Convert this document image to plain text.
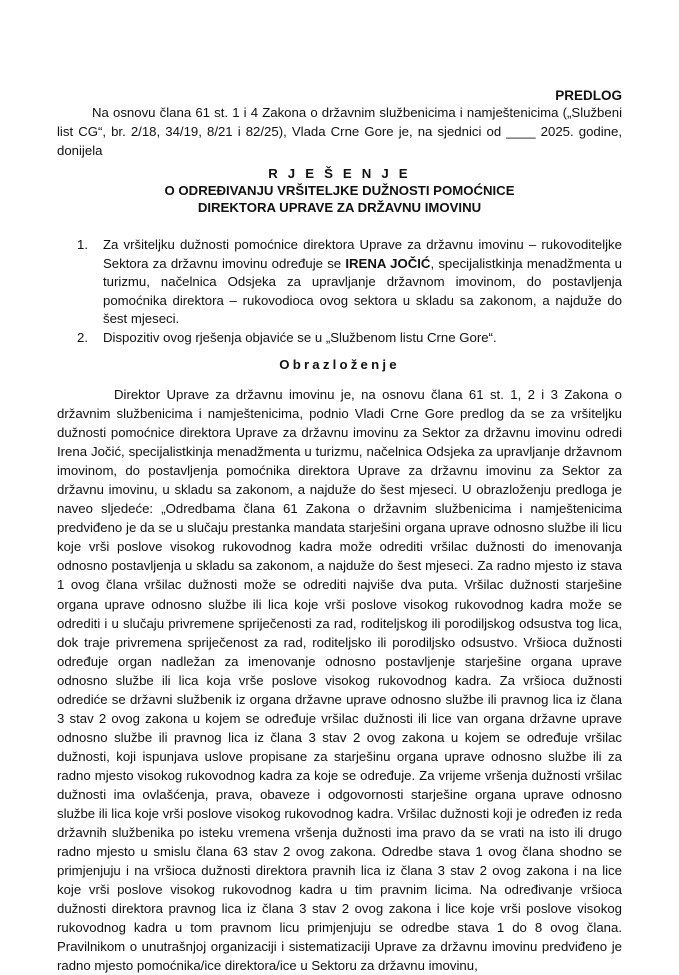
PREDLOG

Na osnovu člana 61 st. 1 i 4 Zakona o državnim službenicima i namještenicima („Službeni list CG“, br. 2/18, 34/19, 8/21 i 82/25), Vlada Crne Gore je, na sjednici od ____ 2025. godine, donijela

R J E Š E N J E
O ODREĐIVANJU VRŠITELJKE DUŽNOSTI POMOĆNICE
DIREKTORA UPRAVE ZA DRŽAVNU IMOVINU
1. Za vršiteljku dužnosti pomoćnice direktora Uprave za državnu imovinu – rukovoditeljke Sektora za državnu imovinu određuje se IRENA JOČIĆ, specijalistkinja menadžmenta u turizmu, načelnica Odsjeka za upravljanje državnom imovinom, do postavljenja pomoćnika direktora – rukovodioca ovog sektora u skladu sa zakonom, a najduže do šest mjeseci.
2. Dispozitiv ovog rješenja objaviće se u „Službenom listu Crne Gore“.
Obrazloženje

Direktor Uprave za državnu imovinu je, na osnovu člana 61 st. 1, 2 i 3 Zakona o državnim službenicima i namještenicima, podnio Vladi Crne Gore predlog da se za vršiteljku dužnosti pomoćnice direktora Uprave za državnu imovinu za Sektor za državnu imovinu odredi Irena Jočić, specijalistkinja menadžmenta u turizmu, načelnica Odsjeka za upravljanje državnom imovinom, do postavljenja pomoćnika direktora Uprave za državnu imovinu za Sektor za državnu imovinu, u skladu sa zakonom, a najduže do šest mjeseci. U obrazloženju predloga je naveo sljedeće: „Odredbama člana 61 Zakona o državnim službenicima i namještenicima predviđeno je da se u slučaju prestanka mandata starješini organa uprave odnosno službe ili licu koje vrši poslove visokog rukovodnog kadra može odrediti vršilac dužnosti do imenovanja odnosno postavljenja u skladu sa zakonom, a najduže do šest mjeseci. Za radno mjesto iz stava 1 ovog člana vršilac dužnosti može se odrediti najviše dva puta. Vršilac dužnosti starješine organa uprave odnosno službe ili lica koje vrši poslove visokog rukovodnog kadra može se odrediti i u slučaju privremene spriječenosti za rad, roditeljskog ili porodiljskog odsustva tog lica, dok traje privremena spriječenost za rad, roditeljsko ili porodiljsko odsustvo. Vršioca dužnosti određuje organ nadležan za imenovanje odnosno postavljenje starješine organa uprave odnosno službe ili lica koja vrše poslove visokog rukovodnog kadra. Za vršioca dužnosti odrediće se državni službenik iz organa državne uprave odnosno službe ili pravnog lica iz člana 3 stav 2 ovog zakona u kojem se određuje vršilac dužnosti ili lice van organa državne uprave odnosno službe ili pravnog lica iz člana 3 stav 2 ovog zakona u kojem se određuje vršilac dužnosti, koji ispunjava uslove propisane za starješinu organa uprave odnosno službe ili za radno mjesto visokog rukovodnog kadra za koje se određuje. Za vrijeme vršenja dužnosti vršilac dužnosti ima ovlašćenja, prava, obaveze i odgovornosti starješine organa uprave odnosno službe ili lica koje vrši poslove visokog rukovodnog kadra. Vršilac dužnosti koji je određen iz reda državnih službenika po isteku vremena vršenja dužnosti ima pravo da se vrati na isto ili drugo radno mjesto u smislu člana 63 stav 2 ovog zakona. Odredbe stava 1 ovog člana shodno se primjenjuju i na vršioca dužnosti direktora pravnih lica iz člana 3 stav 2 ovog zakona i na lice koje vrši poslove visokog rukovodnog kadra u tim pravnim licima. Na određivanje vršioca dužnosti direktora pravnog lica iz člana 3 stav 2 ovog zakona i lice koje vrši poslove visokog rukovodnog kadra u tom pravnom licu primjenjuju se odredbe stava 1 do 8 ovog člana. Pravilnikom o unutrašnjoj organizaciji i sistematizaciji Uprave za državnu imovinu predviđeno je radno mjesto pomoćnika/ice direktora/ice u Sektoru za državnu imovinu,
